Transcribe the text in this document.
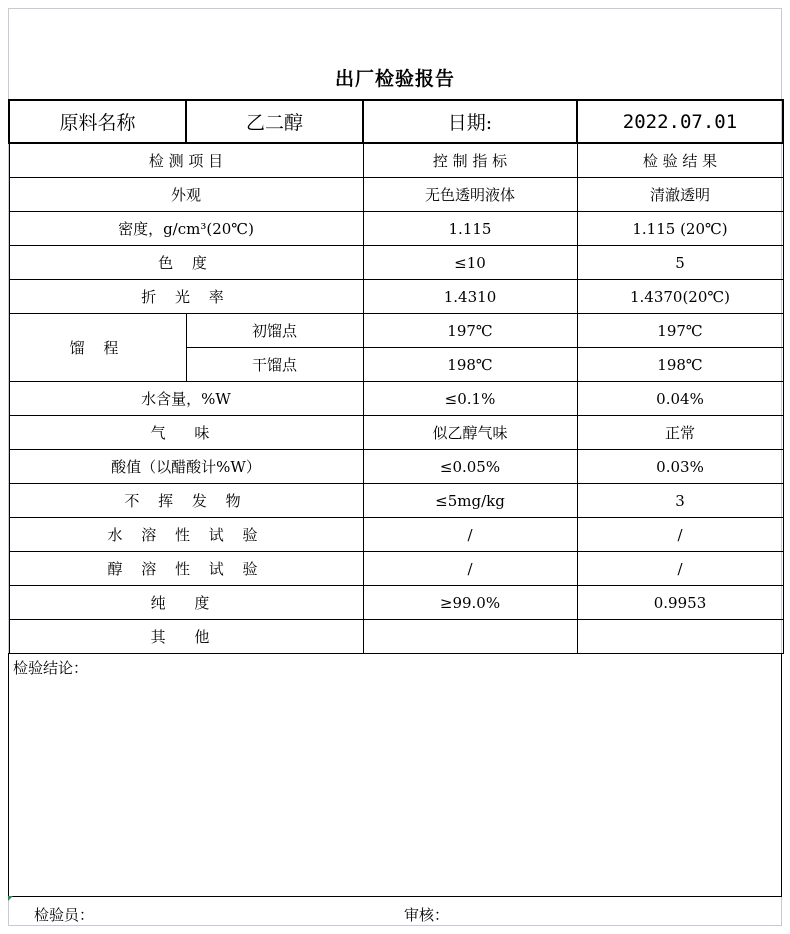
出厂检验报告
原料名称	乙二醇	日期:	2022.07.01
检 测 项 目		控 制 指 标	检 验 结 果
外观		无色透明液体	清澈透明
密度，g/cm³(20℃)		1.115	1.115 (20℃)
色 度		≤10	5
折 光 率		1.4310	1.4370(20℃)
馏 程	初馏点	197℃	197℃
	干馏点	198℃	198℃
水含量，%W		≤0.1%	0.04%
气 味		似乙醇气味	正常
酸值（以醋酸计%W）		≤0.05%	0.03%
不 挥 发 物		≤5mg/kg	3
水 溶 性 试 验		/	/
醇 溶 性 试 验		/	/
纯 度		≥99.0%	0.9953
其 他			
检验结论：
检验员：	审核：
